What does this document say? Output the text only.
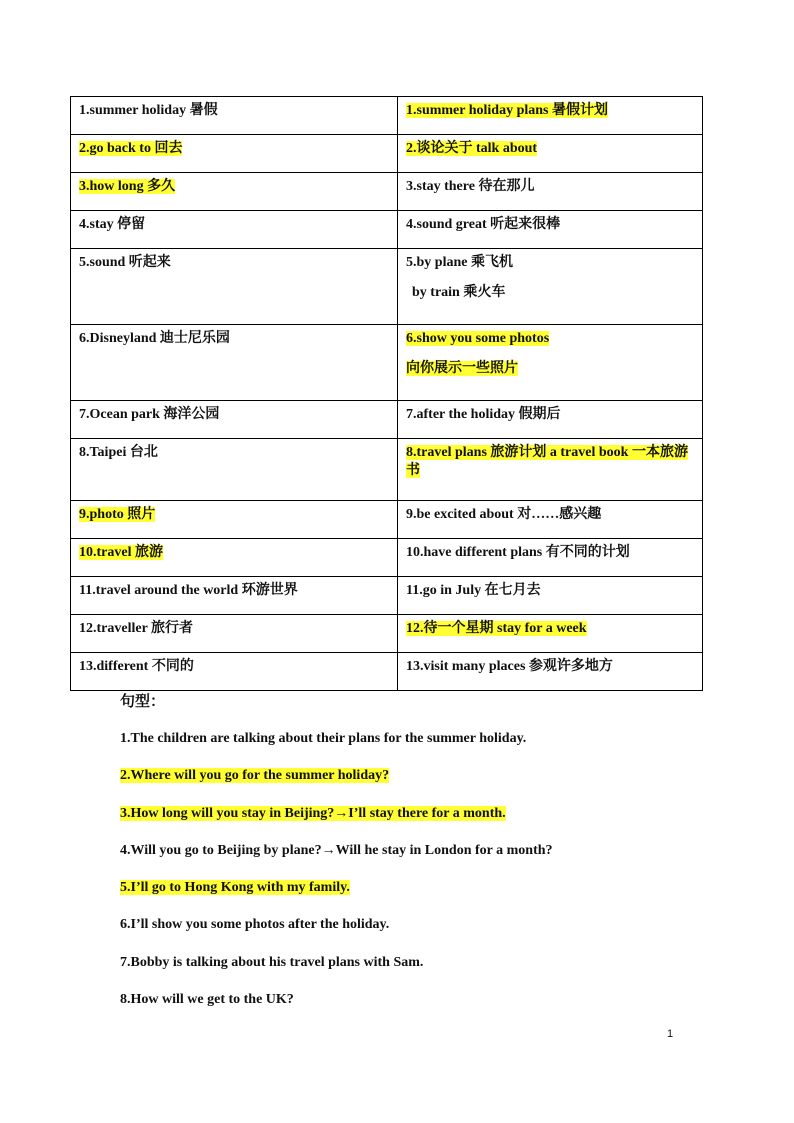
1.summer holiday 暑假	1.summer holiday plans 暑假计划
2.go back to 回去	2.谈论关于 talk about
3.how long 多久	3.stay there 待在那儿
4.stay 停留	4.sound great 听起来很棒
5.sound 听起来	5.by plane 乘飞机
by train 乘火车

6.Disneyland 迪士尼乐园	6.show you some photos
向你展示一些照片

7.Ocean park 海洋公园	7.after the holiday 假期后
8.Taipei 台北	8.travel plans 旅游计划 a travel book 一本旅游书
9.photo 照片	9.be excited about 对……感兴趣
10.travel 旅游	10.have different plans 有不同的计划
11.travel around the world 环游世界	11.go in July 在七月去
12.traveller 旅行者	12.待一个星期 stay for a week
13.different 不同的	13.visit many places 参观许多地方
句型：
1.The children are talking about their plans for the summer holiday.
2.Where will you go for the summer holiday?
3.How long will you stay in Beijing?→I’ll stay there for a month.
4.Will you go to Beijing by plane?→Will he stay in London for a month?
5.I’ll go to Hong Kong with my family.
6.I’ll show you some photos after the holiday.
7.Bobby is talking about his travel plans with Sam.
8.How will we get to the UK?
1
